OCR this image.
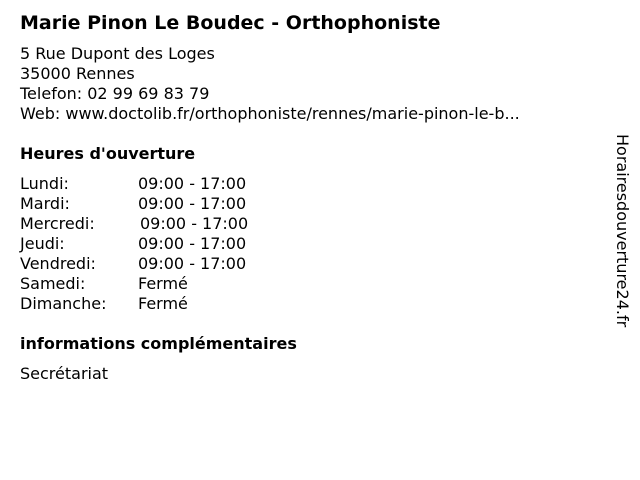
Marie Pinon Le Boudec - Orthophoniste
5 Rue Dupont des Loges
35000 Rennes
Telefon: 02 99 69 83 79
Web: www.doctolib.fr/orthophoniste/rennes/marie-pinon-le-b...
Heures d'ouverture
Lundi:	09:00 - 17:00
Mardi:	09:00 - 17:00
Mercredi:	09:00 - 17:00
Jeudi:	09:00 - 17:00
Vendredi:	09:00 - 17:00
Samedi:	Fermé
Dimanche: Fermé
informations complémentaires
Secrétariat
Horairesdouverture24.fr
